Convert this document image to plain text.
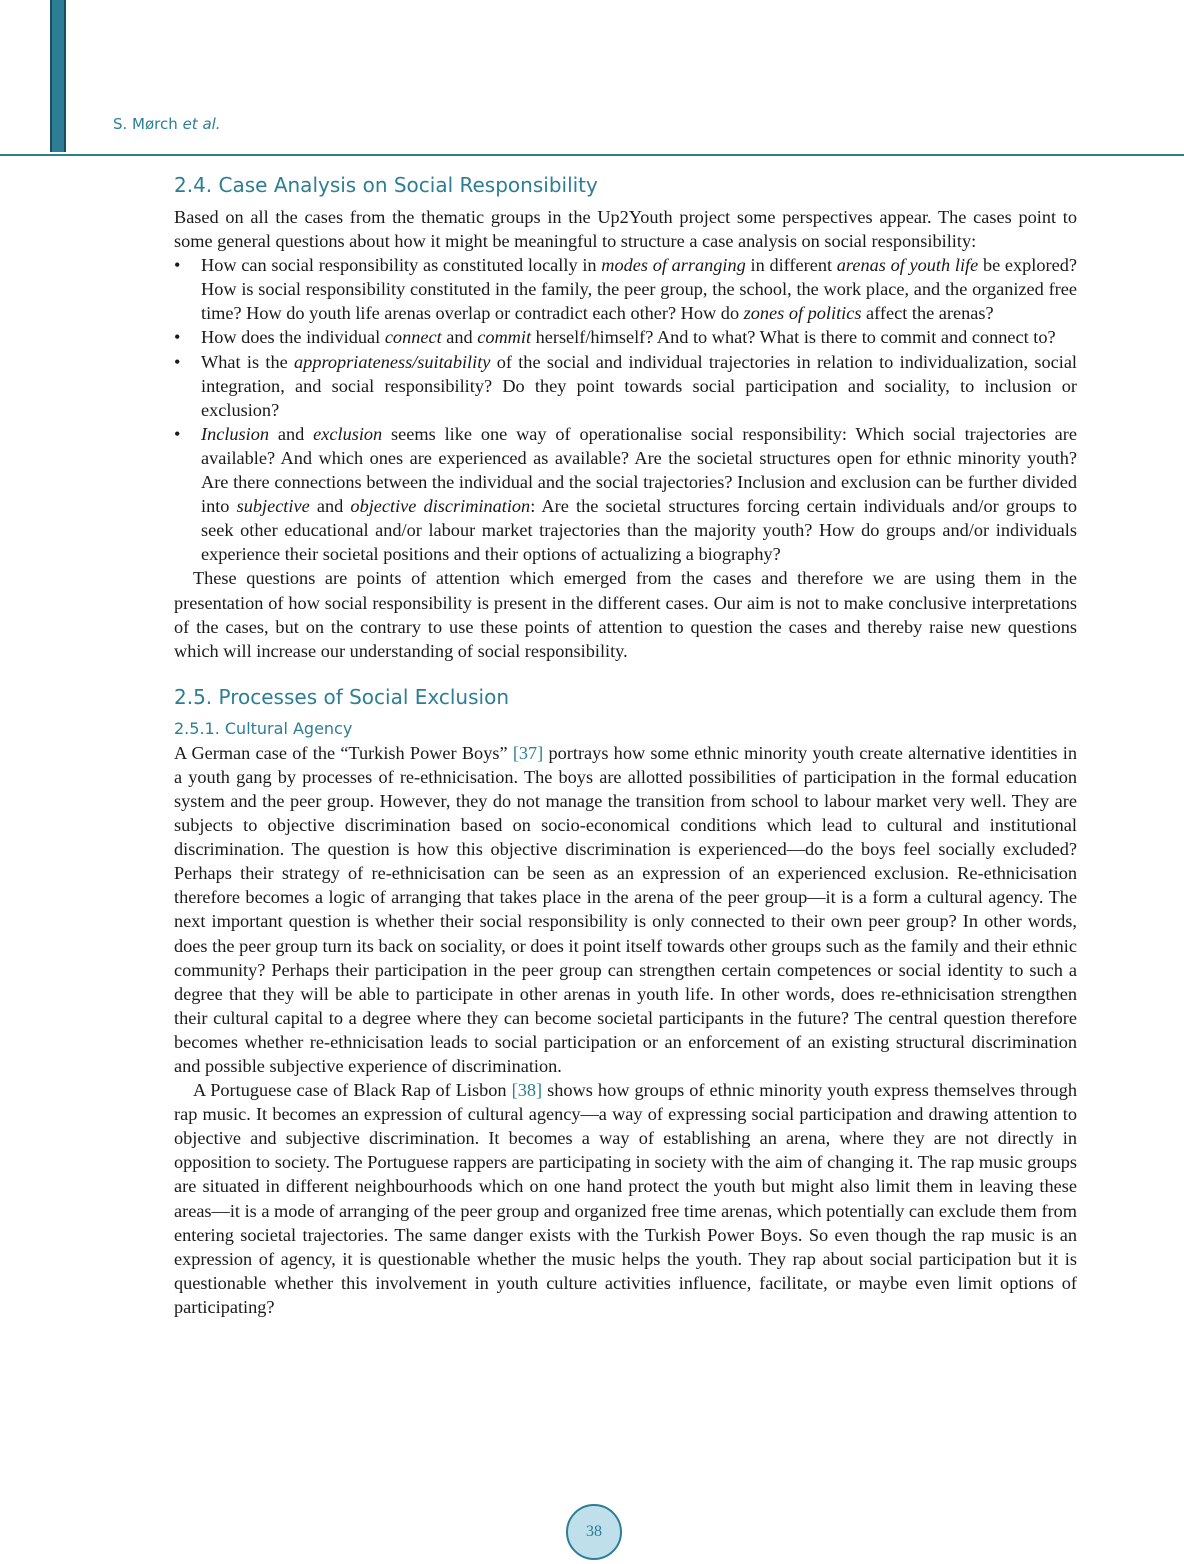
S. Mørch et al.
2.4. Case Analysis on Social Responsibility

Based on all the cases from the thematic groups in the Up2Youth project some perspectives appear. The cases point to some general questions about how it might be meaningful to structure a case analysis on social responsibility:

• How can social responsibility as constituted locally in modes of arranging in different arenas of youth life be explored? How is social responsibility constituted in the family, the peer group, the school, the work place, and the organized free time? How do youth life arenas overlap or contradict each other? How do zones of politics affect the arenas?
• How does the individual connect and commit herself/himself? And to what? What is there to commit and connect to?
• What is the appropriateness/suitability of the social and individual trajectories in relation to individualization, social integration, and social responsibility? Do they point towards social participation and sociality, to inclusion or exclusion?
• Inclusion and exclusion seems like one way of operationalise social responsibility: Which social trajectories are available? And which ones are experienced as available? Are the societal structures open for ethnic minority youth? Are there connections between the individual and the social trajectories? Inclusion and exclusion can be further divided into subjective and objective discrimination: Are the societal structures forcing certain individuals and/or groups to seek other educational and/or labour market trajectories than the majority youth? How do groups and/or individuals experience their societal positions and their options of actualizing a biography?

These questions are points of attention which emerged from the cases and therefore we are using them in the presentation of how social responsibility is present in the different cases. Our aim is not to make conclusive interpretations of the cases, but on the contrary to use these points of attention to question the cases and thereby raise new questions which will increase our understanding of social responsibility.

2.5. Processes of Social Exclusion
2.5.1. Cultural Agency

A German case of the “Turkish Power Boys” [37] portrays how some ethnic minority youth create alternative identities in a youth gang by processes of re-ethnicisation. The boys are allotted possibilities of participation in the formal education system and the peer group. However, they do not manage the transition from school to labour market very well. They are subjects to objective discrimination based on socio-economical conditions which lead to cultural and institutional discrimination. The question is how this objective discrimination is experienced—do the boys feel socially excluded? Perhaps their strategy of re-ethnicisation can be seen as an expression of an experienced exclusion. Re-ethnicisation therefore becomes a logic of arranging that takes place in the arena of the peer group—it is a form a cultural agency. The next important question is whether their social responsibility is only connected to their own peer group? In other words, does the peer group turn its back on sociality, or does it point itself towards other groups such as the family and their ethnic community? Perhaps their participation in the peer group can strengthen certain competences or social identity to such a degree that they will be able to participate in other arenas in youth life. In other words, does re-ethnicisation strengthen their cultural capital to a degree where they can become societal participants in the future? The central question therefore becomes whether re-ethnicisation leads to social participation or an enforcement of an existing structural discrimination and possible subjective experience of discrimination.

A Portuguese case of Black Rap of Lisbon [38] shows how groups of ethnic minority youth express themselves through rap music. It becomes an expression of cultural agency—a way of expressing social participation and drawing attention to objective and subjective discrimination. It becomes a way of establishing an arena, where they are not directly in opposition to society. The Portuguese rappers are participating in society with the aim of changing it. The rap music groups are situated in different neighbourhoods which on one hand protect the youth but might also limit them in leaving these areas—it is a mode of arranging of the peer group and organized free time arenas, which potentially can exclude them from entering societal trajectories. The same danger exists with the Turkish Power Boys. So even though the rap music is an expression of agency, it is questionable whether the music helps the youth. They rap about social participation but it is questionable whether this involvement in youth culture activities influence, facilitate, or maybe even limit options of participating?

38
